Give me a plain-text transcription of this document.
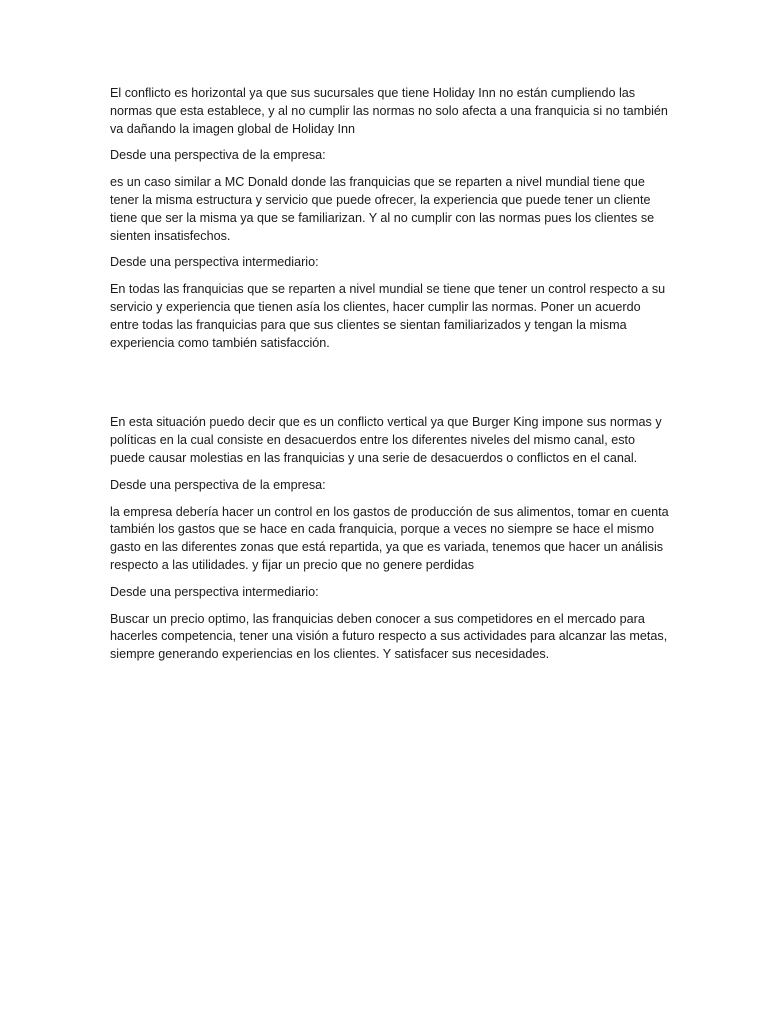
El conflicto es horizontal ya que sus sucursales que tiene Holiday Inn no están cumpliendo las normas que esta establece, y al no cumplir las normas no solo afecta a una franquicia si no también va dañando la imagen global de Holiday Inn

Desde una perspectiva de la empresa:

es un caso similar a MC Donald donde las franquicias que se reparten a nivel mundial tiene que tener la misma estructura y servicio que puede ofrecer, la experiencia que puede tener un cliente tiene que ser la misma ya que se familiarizan. Y al no cumplir con las normas pues los clientes se sienten insatisfechos.

Desde una perspectiva intermediario:

En todas las franquicias que se reparten a nivel mundial se tiene que tener un control respecto a su servicio y experiencia que tienen asía los clientes, hacer cumplir las normas. Poner un acuerdo entre todas las franquicias para que sus clientes se sientan familiarizados y tengan la misma experiencia como también satisfacción.

En esta situación puedo decir que es un conflicto vertical ya que Burger King impone sus normas y políticas en la cual consiste en desacuerdos entre los diferentes niveles del mismo canal, esto puede causar molestias en las franquicias y una serie de desacuerdos o conflictos en el canal.

Desde una perspectiva de la empresa:

la empresa debería hacer un control en los gastos de producción de sus alimentos, tomar en cuenta también los gastos que se hace en cada franquicia, porque a veces no siempre se hace el mismo gasto en las diferentes zonas que está repartida, ya que es variada, tenemos que hacer un análisis respecto a las utilidades. y fijar un precio que no genere perdidas

Desde una perspectiva intermediario:

Buscar un precio optimo, las franquicias deben conocer a sus competidores en el mercado para hacerles competencia, tener una visión a futuro respecto a sus actividades para alcanzar las metas, siempre generando experiencias en los clientes. Y satisfacer sus necesidades.
